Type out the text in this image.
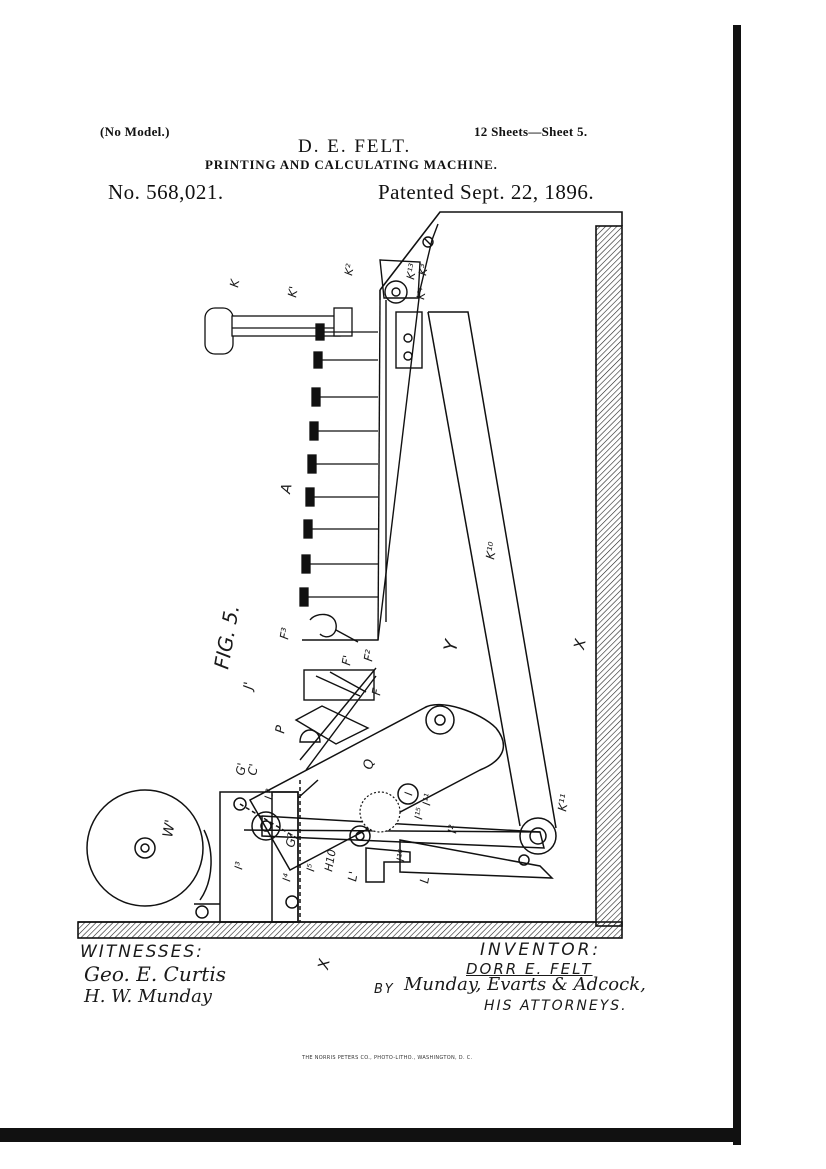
(No Model.)
D. E. FELT.
12 Sheets—Sheet 5.
PRINTING AND CALCULATING MACHINE.
No. 568,021.	Patented Sept. 22, 1896.
K
K'
K²	K³
K⁴
K¹³
A
F³
F²
F'
F
J'
P
Q
Y
K¹⁰
X
X
G'
C'
L²
W'
I³
G²
I⁴
I⁵ H10
L'
I¹⁶
I
I¹⁵
I¹¹
I²
L
K¹¹
FIG. 5.
WITNESSES:
Geo. E. Curtis
H. W. Munday
INVENTOR:
DORR E. FELT
BY Munday, Evarts & Adcock,
HIS ATTORNEYS.
THE NORRIS PETERS CO., PHOTO-LITHO., WASHINGTON, D. C.
